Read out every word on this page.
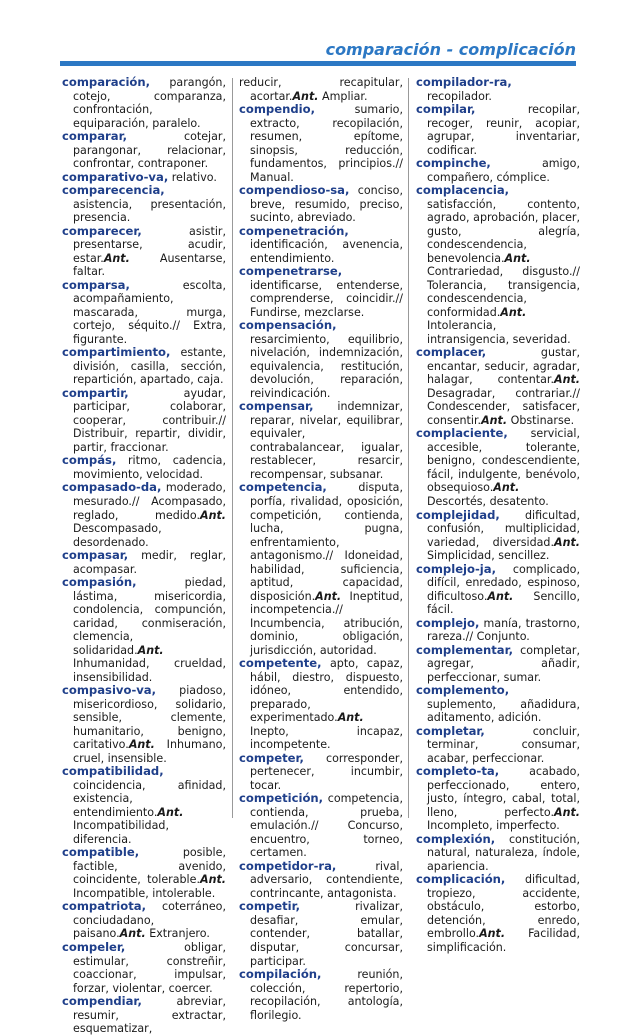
comparación - complicación

comparación, parangón, cotejo, comparanza, confrontación, equiparación, paralelo.

comparar, cotejar, parangonar, relacionar, confrontar, contraponer.

comparativo-va, relativo.

comparecencia, asistencia, presentación, presencia.

comparecer, asistir, presentarse, acudir, estar.Ant. Ausentarse, faltar.

comparsa, escolta, acompañamiento, mascarada, murga, cortejo, séquito.// Extra, figurante.

compartimiento, estante, división, casilla, sección, repartición, apartado, caja.

compartir, ayudar, participar, colaborar, cooperar, contribuir.// Distribuir, repartir, dividir, partir, fraccionar.

compás, ritmo, cadencia, movimiento, velocidad.

compasado-da, moderado, mesurado.// Acompasado, reglado, medido.Ant. Descompasado, desordenado.

compasar, medir, reglar, acompasar.

compasión, piedad, lástima, misericordia, condolencia, compunción, caridad, conmiseración, clemencia, solidaridad.Ant. Inhumanidad, crueldad, insensibilidad.

compasivo-va, piadoso, misericordioso, solidario, sensible, clemente, humanitario, benigno, caritativo.Ant. Inhumano, cruel, insensible.

compatibilidad, coincidencia, afinidad, existencia, entendimiento.Ant. Incompatibilidad, diferencia.

compatible, posible, factible, avenido, coincidente, tolerable.Ant. Incompatible, intolerable.

compatriota, coterráneo, conciudadano, paisano.Ant. Extranjero.

compeler, obligar, estimular, constreñir, coaccionar, impulsar, forzar, violentar, coercer.

compendiar, abreviar, resumir, extractar, esquematizar,

reducir, recapitular, acortar.Ant. Ampliar.

compendio, sumario, extracto, recopilación, resumen, epítome, sinopsis, reducción, fundamentos, principios.// Manual.

compendioso-sa, conciso, breve, resumido, preciso, sucinto, abreviado.

compenetración, identificación, avenencia, entendimiento.

compenetrarse, identificarse, entenderse, comprenderse, coincidir.// Fundirse, mezclarse.

compensación, resarcimiento, equilibrio, nivelación, indemnización, equivalencia, restitución, devolución, reparación, reivindicación.

compensar, indemnizar, reparar, nivelar, equilibrar, equivaler, contrabalancear, igualar, restablecer, resarcir, recompensar, subsanar.

competencia, disputa, porfía, rivalidad, oposición, competición, contienda, lucha, pugna, enfrentamiento, antagonismo.// Idoneidad, habilidad, suficiencia, aptitud, capacidad, disposición.Ant. Ineptitud, incompetencia.// Incumbencia, atribución, dominio, obligación, jurisdicción, autoridad.

competente, apto, capaz, hábil, diestro, dispuesto, idóneo, entendido, preparado, experimentado.Ant. Inepto, incapaz, incompetente.

competer, corresponder, pertenecer, incumbir, tocar.

competición, competencia, contienda, prueba, emulación.// Concurso, encuentro, torneo, certamen.

competidor-ra, rival, adversario, contendiente, contrincante, antagonista.

competir, rivalizar, desafiar, emular, contender, batallar, disputar, concursar, participar.

compilación, reunión, colección, repertorio, recopilación, antología, florilegio.

compilador-ra, recopilador.

compilar, recopilar, recoger, reunir, acopiar, agrupar, inventariar, codificar.

compinche, amigo, compañero, cómplice.

complacencia, satisfacción, contento, agrado, aprobación, placer, gusto, alegría, condescendencia, benevolencia.Ant. Contrariedad, disgusto.// Tolerancia, transigencia, condescendencia, conformidad.Ant. Intolerancia, intransigencia, severidad.

complacer, gustar, encantar, seducir, agradar, halagar, contentar.Ant. Desagradar, contrariar.// Condescender, satisfacer, consentir.Ant. Obstinarse.

complaciente, servicial, accesible, tolerante, benigno, condescendiente, fácil, indulgente, benévolo, obsequioso.Ant. Descortés, desatento.

complejidad, dificultad, confusión, multiplicidad, variedad, diversidad.Ant. Simplicidad, sencillez.

complejo-ja, complicado, difícil, enredado, espinoso, dificultoso.Ant. Sencillo, fácil.

complejo, manía, trastorno, rareza.// Conjunto.

complementar, completar, agregar, añadir, perfeccionar, sumar.

complemento, suplemento, añadidura, aditamento, adición.

completar, concluir, terminar, consumar, acabar, perfeccionar.

completo-ta, acabado, perfeccionado, entero, justo, íntegro, cabal, total, lleno, perfecto.Ant. Incompleto, imperfecto.

complexión, constitución, natural, naturaleza, índole, apariencia.

complicación, dificultad, tropiezo, accidente, obstáculo, estorbo, detención, enredo, embrollo.Ant. Facilidad, simplificación.
